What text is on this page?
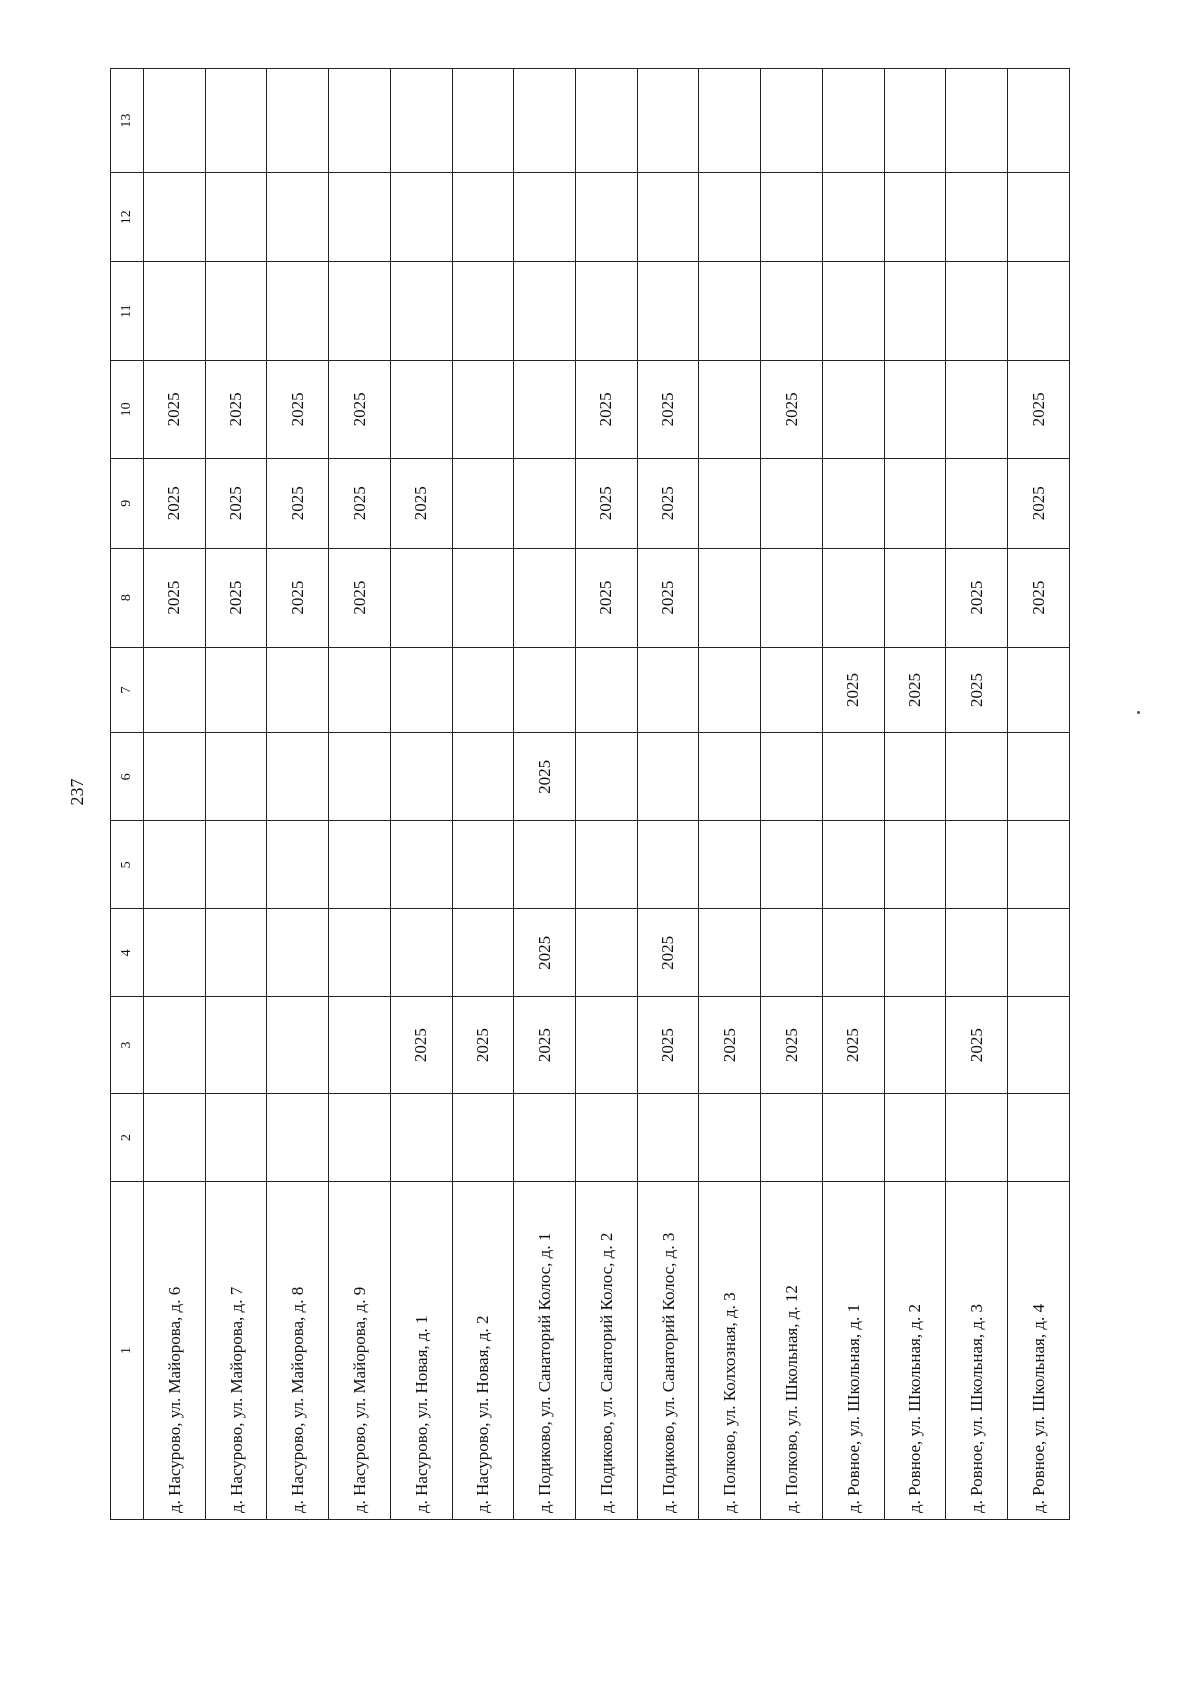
237
1	2	3	4	5	6	7	8	9	10	11	12	13
д. Насурово, ул. Майорова, д. 6							2025	2025	2025			
д. Насурово, ул. Майорова, д. 7							2025	2025	2025			
д. Насурово, ул. Майорова, д. 8							2025	2025	2025			
д. Насурово, ул. Майорова, д. 9							2025	2025	2025			
д. Насурово, ул. Новая, д. 1		2025						2025				
д. Насурово, ул. Новая, д. 2		2025										
д. Подиково, ул. Санаторий Колос, д. 1		2025	2025		2025							
д. Подиково, ул. Санаторий Колос, д. 2							2025	2025	2025			
д. Подиково, ул. Санаторий Колос, д. 3		2025	2025				2025	2025	2025			
д. Полково, ул. Колхозная, д. 3		2025										
д. Полково, ул. Школьная, д. 12		2025							2025			
д. Ровное, ул. Школьная, д. 1		2025				2025						
д. Ровное, ул. Школьная, д. 2						2025						
д. Ровное, ул. Школьная, д. 3		2025				2025	2025					
д. Ровное, ул. Школьная, д. 4							2025	2025	2025			
